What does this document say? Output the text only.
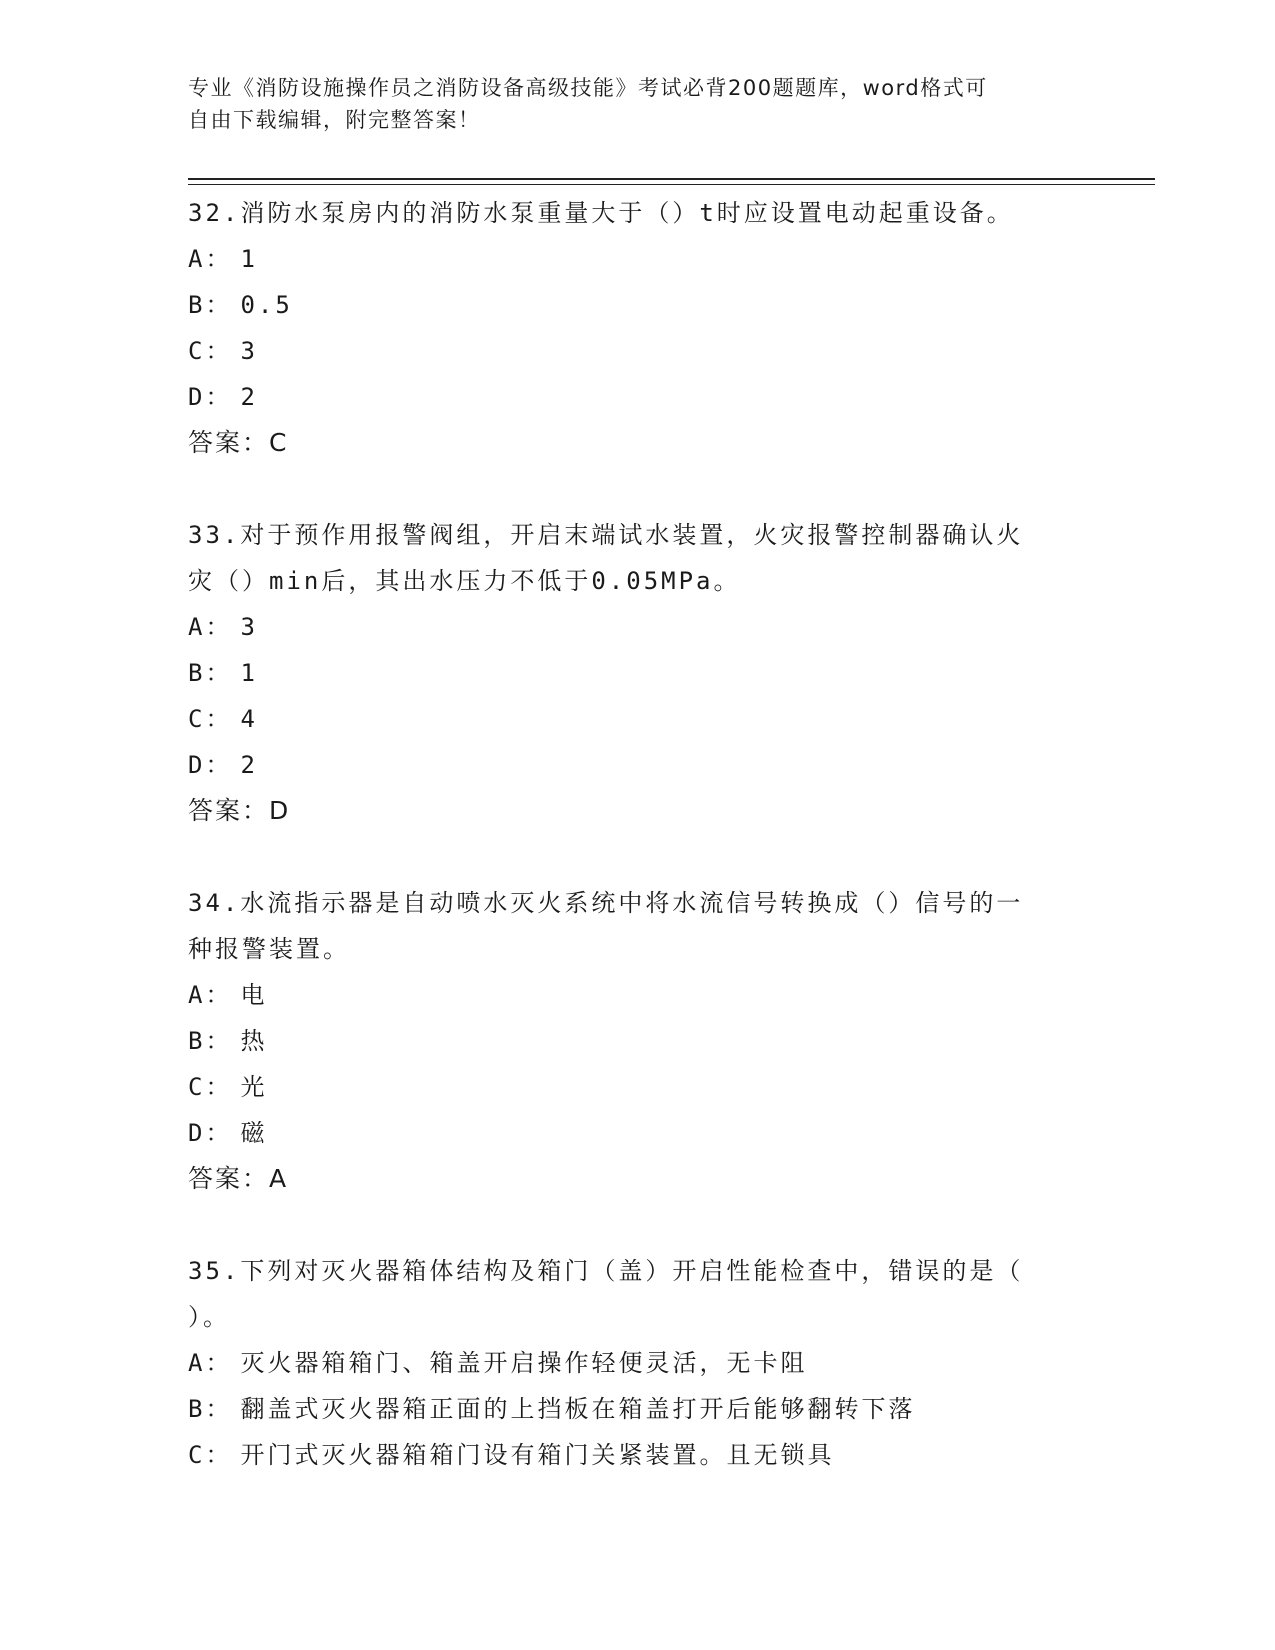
专业《消防设施操作员之消防设备高级技能》考试必背200题题库，word格式可
自由下载编辑，附完整答案！
32.消防水泵房内的消防水泵重量大于（）t时应设置电动起重设备。
A： 1
B： 0.5
C： 3
D： 2
答案：C
33.对于预作用报警阀组，开启末端试水装置，火灾报警控制器确认火
灾（）min后，其出水压力不低于0.05MPa。
A： 3
B： 1
C： 4
D： 2
答案：D
34.水流指示器是自动喷水灭火系统中将水流信号转换成（）信号的一
种报警装置。
A： 电
B： 热
C： 光
D： 磁
答案：A
35.下列对灭火器箱体结构及箱门（盖）开启性能检查中，错误的是（
）。
A： 灭火器箱箱门、箱盖开启操作轻便灵活，无卡阻
B： 翻盖式灭火器箱正面的上挡板在箱盖打开后能够翻转下落
C： 开门式灭火器箱箱门设有箱门关紧装置。且无锁具
